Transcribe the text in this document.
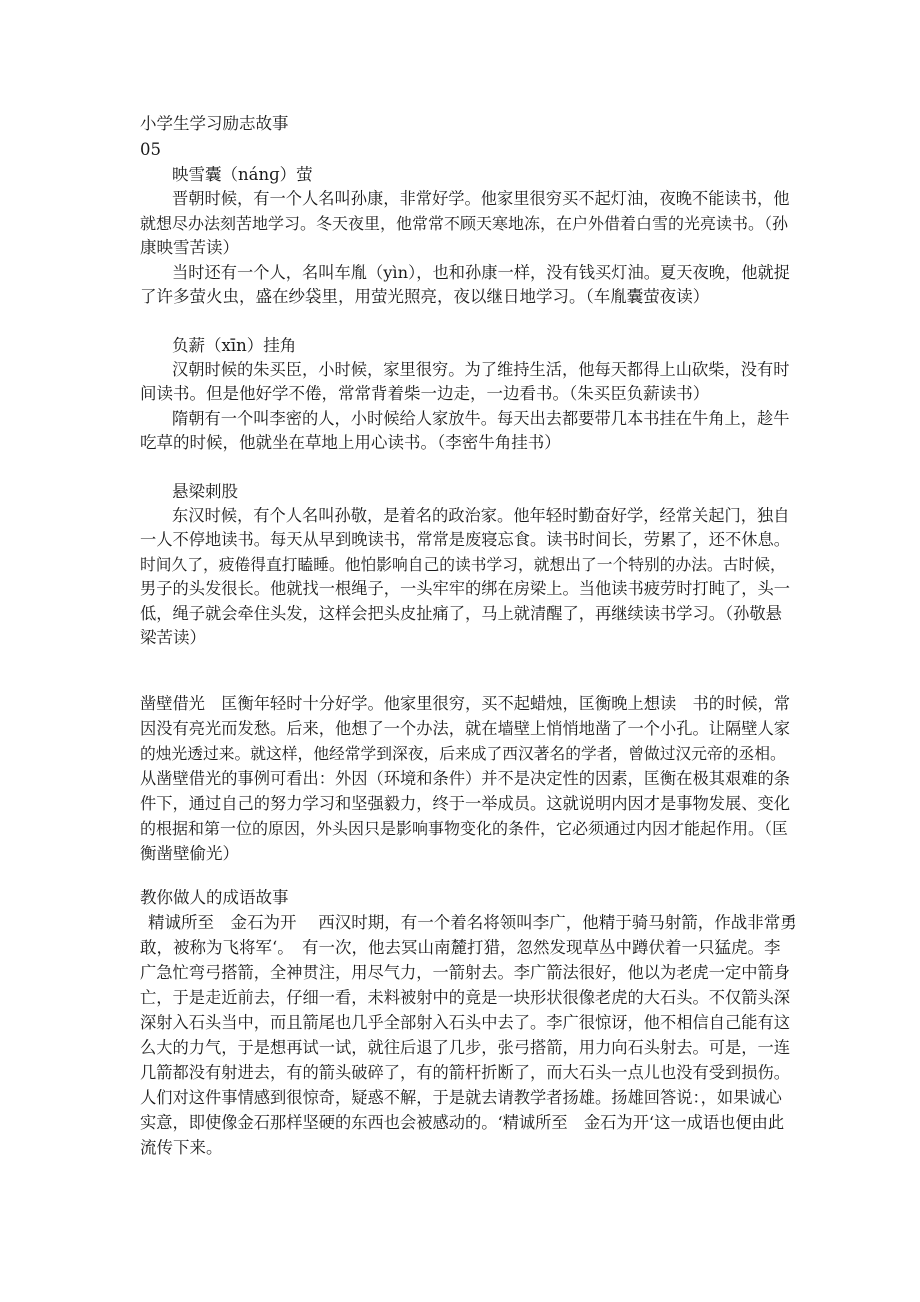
小学生学习励志故事
05
映雪囊（nánɡ）萤
晋朝时候，有一个人名叫孙康，非常好学。他家里很穷买不起灯油，夜晚不能读书，他
就想尽办法刻苦地学习。冬天夜里，他常常不顾天寒地冻，在户外借着白雪的光亮读书。（孙
康映雪苦读）
当时还有一个人，名叫车胤（yìn），也和孙康一样，没有钱买灯油。夏天夜晚，他就捉
了许多萤火虫，盛在纱袋里，用萤光照亮，夜以继日地学习。（车胤囊萤夜读）
负薪（xīn）挂角
汉朝时候的朱买臣，小时候，家里很穷。为了维持生活，他每天都得上山砍柴，没有时
间读书。但是他好学不倦，常常背着柴一边走，一边看书。（朱买臣负薪读书）
隋朝有一个叫李密的人，小时候给人家放牛。每天出去都要带几本书挂在牛角上，趁牛
吃草的时候，他就坐在草地上用心读书。（李密牛角挂书）
悬梁刺股
东汉时候，有个人名叫孙敬，是着名的政治家。他年轻时勤奋好学，经常关起门，独自
一人不停地读书。每天从早到晚读书，常常是废寝忘食。读书时间长，劳累了，还不休息。
时间久了，疲倦得直打瞌睡。他怕影响自己的读书学习，就想出了一个特别的办法。古时候，
男子的头发很长。他就找一根绳子，一头牢牢的绑在房梁上。当他读书疲劳时打盹了，头一
低，绳子就会牵住头发，这样会把头皮扯痛了，马上就清醒了，再继续读书学习。（孙敬悬
梁苦读）
凿壁借光　匡衡年轻时十分好学。他家里很穷，买不起蜡烛，匡衡晚上想读　书的时候，常
因没有亮光而发愁。后来，他想了一个办法，就在墙壁上悄悄地凿了一个小孔。让隔壁人家
的烛光透过来。就这样，他经常学到深夜，后来成了西汉著名的学者，曾做过汉元帝的丞相。
从凿壁借光的事例可看出：外因（环境和条件）并不是决定性的因素，匡衡在极其艰难的条
件下，通过自己的努力学习和坚强毅力，终于一举成员。这就说明内因才是事物发展、变化
的根据和第一位的原因，外头因只是影响事物变化的条件，它必须通过内因才能起作用。（匡
衡凿壁偷光）
教你做人的成语故事
精诚所至　金石为开　 西汉时期，有一个着名将领叫李广，他精于骑马射箭，作战非常勇
敢，被称为飞将军‘。　有一次，他去冥山南麓打猎，忽然发现草丛中蹲伏着一只猛虎。李
广急忙弯弓搭箭，全神贯注，用尽气力，一箭射去。李广箭法很好，他以为老虎一定中箭身
亡，于是走近前去，仔细一看，未料被射中的竟是一块形状很像老虎的大石头。不仅箭头深
深射入石头当中，而且箭尾也几乎全部射入石头中去了。李广很惊讶，他不相信自己能有这
么大的力气，于是想再试一试，就往后退了几步，张弓搭箭，用力向石头射去。可是，一连
几箭都没有射进去，有的箭头破碎了，有的箭杆折断了，而大石头一点儿也没有受到损伤。
人们对这件事情感到很惊奇，疑惑不解，于是就去请教学者扬雄。扬雄回答说：，如果诚心
实意，即使像金石那样坚硬的东西也会被感动的。‘精诚所至　金石为开‘这一成语也便由此
流传下来。
